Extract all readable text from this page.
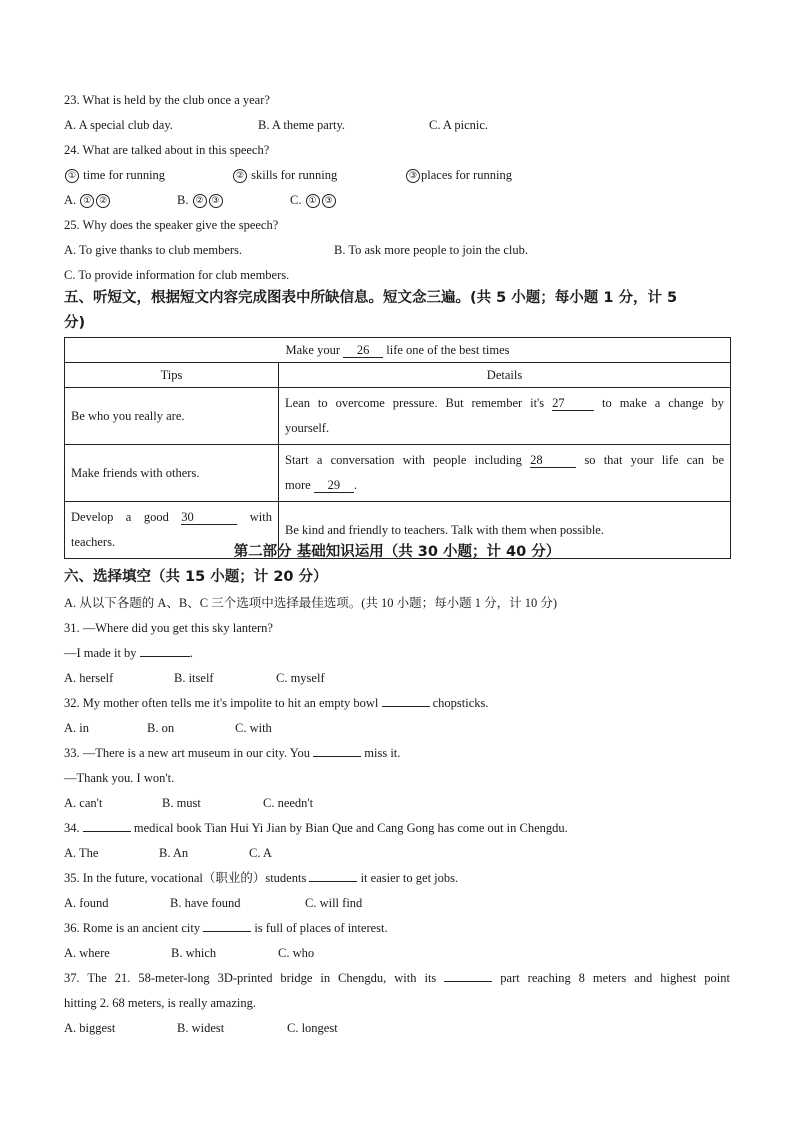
23. What is held by the club once a year?
A. A special club day.	B. A theme party.	C. A picnic.
24. What are talked about in this speech?
① time for running	② skills for running	③ places for running
A. ① ②	B. ② ③	C. ① ③
25. Why does the speaker give the speech?
A. To give thanks to club members.	B. To ask more people to join the club.
C. To provide information for club members.
五、听短文，根据短文内容完成图表中所缺信息。短文念三遍。(共 5 小题；每小题 1 分，计 5
分)
Make your 26 life one of the best times	
Tips	Details
Be who you really are.	Lean to overcome pressure. But remember it's 27 to make a change by
yourself.

Make friends with others.	Start a conversation with people including 28 so that your life can be
more 29 .

Develop a good 30 with
teachers.	Be kind and friendly to teachers. Talk with them when possible.
第二部分 基础知识运用（共 30 小题；计 40 分）
六、选择填空（共 15 小题；计 20 分）
A. 从以下各题的 A、B、C 三个选项中选择最佳选项。(共 10 小题；每小题 1 分，计 10 分)
31. —Where did you get this sky lantern?
—I made it by	.
A. herself	B. itself	C. myself
32. My mother often tells me it's impolite to hit an empty bowl	chopsticks.
A. in	B. on	C. with
33. —There is a new art museum in our city. You	miss it.
—Thank you. I won't.
A. can't	B. must	C. needn't
34.	medical book Tian Hui Yi Jian by Bian Que and Cang Gong has come out in Chengdu.
A. The	B. An	C. A
35. In the future, vocational（职业的）students	it easier to get jobs.
A. found	B. have found	C. will find
36. Rome is an ancient city	is full of places of interest.
A. where	B. which	C. who
37. The 21. 58-meter-long 3D-printed bridge in Chengdu, with its	part reaching 8 meters and highest point
hitting 2. 68 meters, is really amazing.
A. biggest	B. widest	C. longest
